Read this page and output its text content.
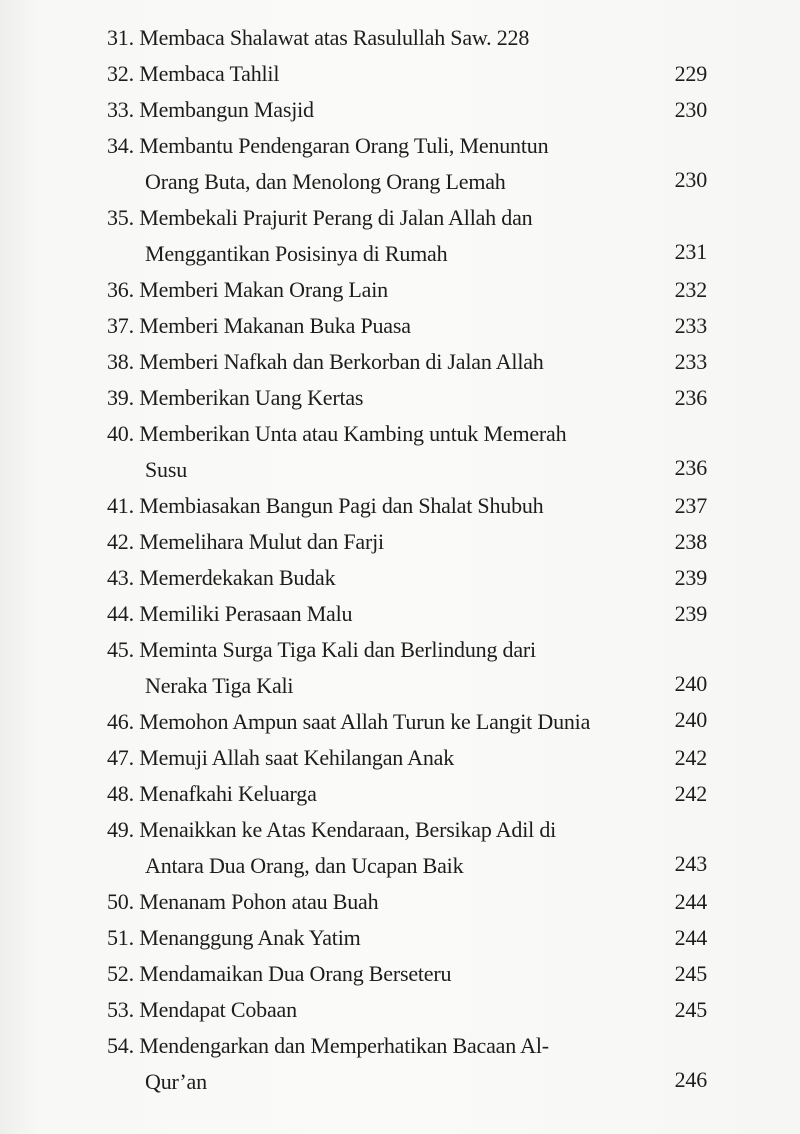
31. Membaca Shalawat atas Rasulullah Saw. 228
32. Membaca Tahlil	229
33. Membangun Masjid	230
34. Membantu Pendengaran Orang Tuli, Menuntun Orang Buta, dan Menolong Orang Lemah	230
35. Membekali Prajurit Perang di Jalan Allah dan Menggantikan Posisinya di Rumah	231
36. Memberi Makan Orang Lain	232
37. Memberi Makanan Buka Puasa	233
38. Memberi Nafkah dan Berkorban di Jalan Allah	233
39. Memberikan Uang Kertas	236
40. Memberikan Unta atau Kambing untuk Memerah Susu	236
41. Membiasakan Bangun Pagi dan Shalat Shubuh	237
42. Memelihara Mulut dan Farji	238
43. Memerdekakan Budak	239
44. Memiliki Perasaan Malu	239
45. Meminta Surga Tiga Kali dan Berlindung dari Neraka Tiga Kali	240
46. Memohon Ampun saat Allah Turun ke Langit Dunia	240
47. Memuji Allah saat Kehilangan Anak	242
48. Menafkahi Keluarga	242
49. Menaikkan ke Atas Kendaraan, Bersikap Adil di Antara Dua Orang, dan Ucapan Baik	243
50. Menanam Pohon atau Buah	244
51. Menanggung Anak Yatim	244
52. Mendamaikan Dua Orang Berseteru	245
53. Mendapat Cobaan	245
54. Mendengarkan dan Memperhatikan Bacaan Al-Qur’an	246
